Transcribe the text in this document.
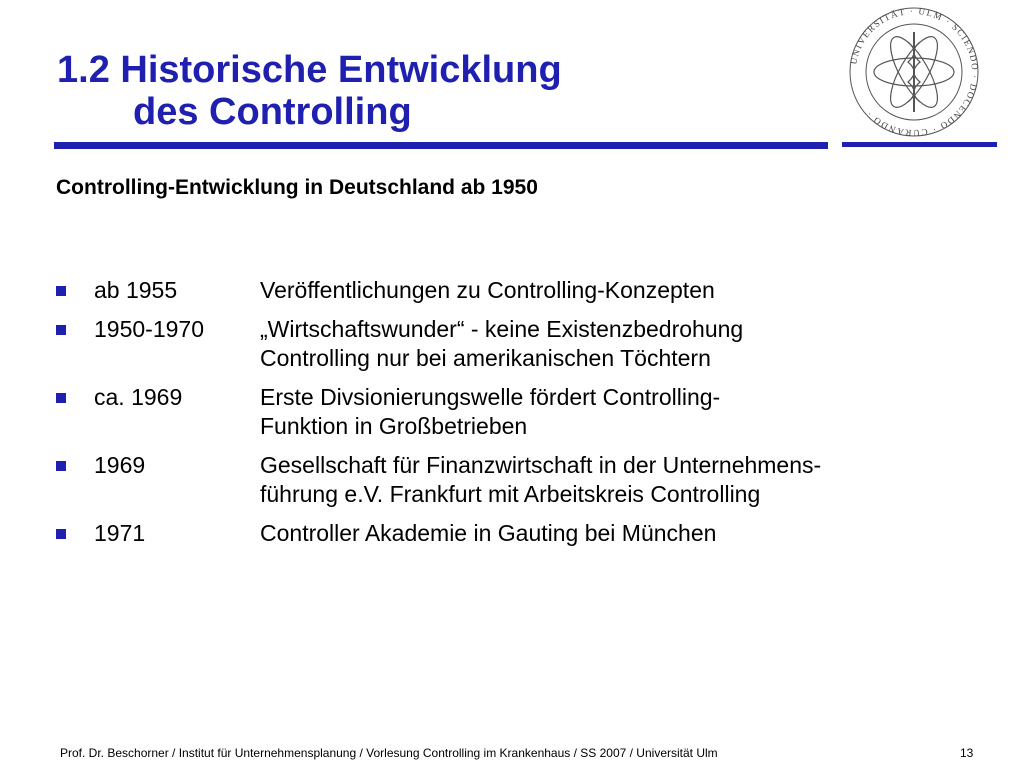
1.2 Historische Entwicklung
des Controlling
UNIVERSITÄT · ULM · SCIENDO · DOCENDO · CURANDO ·
Controlling-Entwicklung in Deutschland ab 1950
ab 1955	Veröffentlichungen zu Controlling-Konzepten
1950-1970	„Wirtschaftswunder“ - keine Existenzbedrohung
Controlling nur bei amerikanischen Töchtern
ca. 1969	Erste Divsionierungswelle fördert Controlling-
Funktion in Großbetrieben
1969	Gesellschaft für Finanzwirtschaft in der Unternehmens-
führung e.V. Frankfurt mit Arbeitskreis Controlling
1971	Controller Akademie in Gauting bei München
Prof. Dr. Beschorner / Institut für Unternehmensplanung / Vorlesung Controlling im Krankenhaus / SS 2007 / Universität Ulm	13
